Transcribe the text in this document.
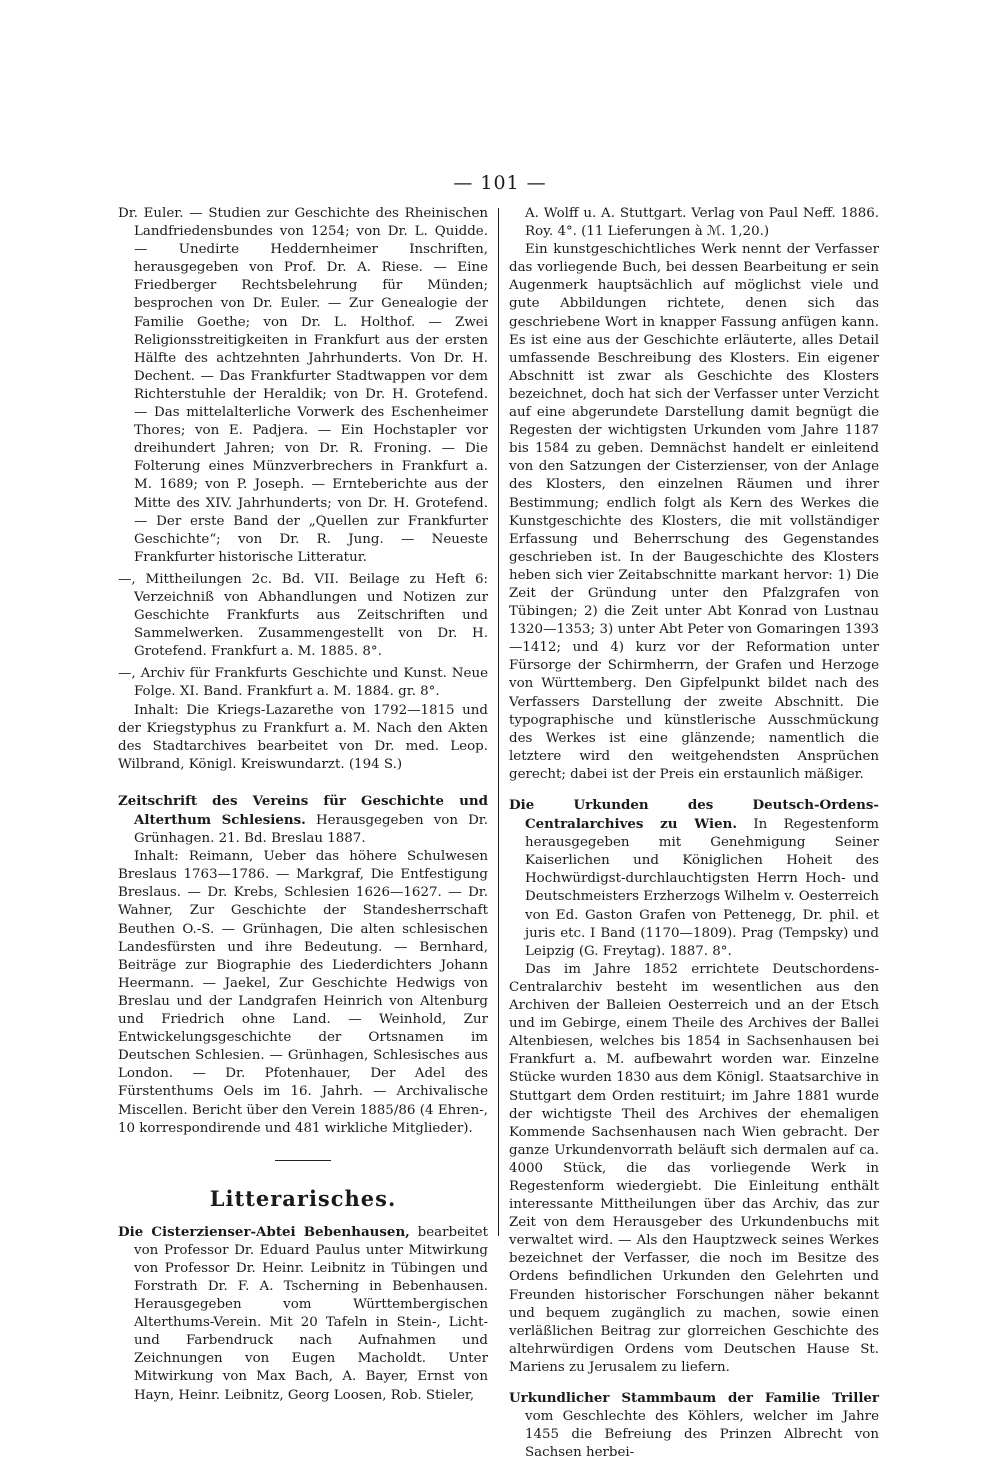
— 101 —

Dr. Euler. — Studien zur Geschichte des Rheinischen Landfriedensbundes von 1254; von Dr. L. Quidde. — Unedirte Heddernheimer Inschriften, herausgegeben von Prof. Dr. A. Riese. — Eine Friedberger Rechtsbelehrung für Münden; besprochen von Dr. Euler. — Zur Genealogie der Familie Goethe; von Dr. L. Holthof. — Zwei Religionsstreitigkeiten in Frankfurt aus der ersten Hälfte des achtzehnten Jahrhunderts. Von Dr. H. Dechent. — Das Frankfurter Stadtwappen vor dem Richterstuhle der Heraldik; von Dr. H. Grotefend. — Das mittelalterliche Vorwerk des Eschenheimer Thores; von E. Padjera. — Ein Hochstapler vor dreihundert Jahren; von Dr. R. Froning. — Die Folterung eines Münzverbrechers in Frankfurt a. M. 1689; von P. Joseph. — Ernteberichte aus der Mitte des XIV. Jahrhunderts; von Dr. H. Grotefend. — Der erste Band der „Quellen zur Frankfurter Geschichte“; von Dr. R. Jung. — Neueste Frankfurter historische Litteratur.

—, Mittheilungen 2c. Bd. VII. Beilage zu Heft 6: Verzeichniß von Abhandlungen und Notizen zur Geschichte Frankfurts aus Zeitschriften und Sammelwerken. Zusammengestellt von Dr. H. Grotefend. Frankfurt a. M. 1885. 8°.

—, Archiv für Frankfurts Geschichte und Kunst. Neue Folge. XI. Band. Frankfurt a. M. 1884. gr. 8°.

Inhalt: Die Kriegs-Lazarethe von 1792—1815 und der Kriegstyphus zu Frankfurt a. M. Nach den Akten des Stadtarchives bearbeitet von Dr. med. Leop. Wilbrand, Königl. Kreiswundarzt. (194 S.)

Zeitschrift des Vereins für Geschichte und Alterthum Schlesiens. Herausgegeben von Dr. Grünhagen. 21. Bd. Breslau 1887.

Inhalt: Reimann, Ueber das höhere Schulwesen Breslaus 1763—1786. — Markgraf, Die Entfestigung Breslaus. — Dr. Krebs, Schlesien 1626—1627. — Dr. Wahner, Zur Geschichte der Standesherrschaft Beuthen O.-S. — Grünhagen, Die alten schlesischen Landesfürsten und ihre Bedeutung. — Bernhard, Beiträge zur Biographie des Liederdichters Johann Heermann. — Jaekel, Zur Geschichte Hedwigs von Breslau und der Landgrafen Heinrich von Altenburg und Friedrich ohne Land. — Weinhold, Zur Entwickelungsgeschichte der Ortsnamen im Deutschen Schlesien. — Grünhagen, Schlesisches aus London. — Dr. Pfotenhauer, Der Adel des Fürstenthums Oels im 16. Jahrh. — Archivalische Miscellen. Bericht über den Verein 1885/86 (4 Ehren-, 10 korrespondirende und 481 wirkliche Mitglieder).

Litterarisches.

Die Cisterzienser-Abtei Bebenhausen, bearbeitet von Professor Dr. Eduard Paulus unter Mitwirkung von Professor Dr. Heinr. Leibnitz in Tübingen und Forstrath Dr. F. A. Tscherning in Bebenhausen. Herausgegeben vom Württembergischen Alterthums-Verein. Mit 20 Tafeln in Stein-, Licht- und Farbendruck nach Aufnahmen und Zeichnungen von Eugen Macholdt. Unter Mitwirkung von Max Bach, A. Bayer, Ernst von Hayn, Heinr. Leibnitz, Georg Loosen, Rob. Stieler,

A. Wolff u. A. Stuttgart. Verlag von Paul Neff. 1886. Roy. 4°. (11 Lieferungen à ℳ. 1,20.)

Ein kunstgeschichtliches Werk nennt der Verfasser das vorliegende Buch, bei dessen Bearbeitung er sein Augenmerk hauptsächlich auf möglichst viele und gute Abbildungen richtete, denen sich das geschriebene Wort in knapper Fassung anfügen kann. Es ist eine aus der Geschichte erläuterte, alles Detail umfassende Beschreibung des Klosters. Ein eigener Abschnitt ist zwar als Geschichte des Klosters bezeichnet, doch hat sich der Verfasser unter Verzicht auf eine abgerundete Darstellung damit begnügt die Regesten der wichtigsten Urkunden vom Jahre 1187 bis 1584 zu geben. Demnächst handelt er einleitend von den Satzungen der Cisterzienser, von der Anlage des Klosters, den einzelnen Räumen und ihrer Bestimmung; endlich folgt als Kern des Werkes die Kunstgeschichte des Klosters, die mit vollständiger Erfassung und Beherrschung des Gegenstandes geschrieben ist. In der Baugeschichte des Klosters heben sich vier Zeitabschnitte markant hervor: 1) Die Zeit der Gründung unter den Pfalzgrafen von Tübingen; 2) die Zeit unter Abt Konrad von Lustnau 1320—1353; 3) unter Abt Peter von Gomaringen 1393—1412; und 4) kurz vor der Reformation unter Fürsorge der Schirmherrn, der Grafen und Herzoge von Württemberg. Den Gipfelpunkt bildet nach des Verfassers Darstellung der zweite Abschnitt. Die typographische und künstlerische Ausschmückung des Werkes ist eine glänzende; namentlich die letztere wird den weitgehendsten Ansprüchen gerecht; dabei ist der Preis ein erstaunlich mäßiger.

Die Urkunden des Deutsch-Ordens-Centralarchives zu Wien. In Regestenform herausgegeben mit Genehmigung Seiner Kaiserlichen und Königlichen Hoheit des Hochwürdigst-durchlauchtigsten Herrn Hoch- und Deutschmeisters Erzherzogs Wilhelm v. Oesterreich von Ed. Gaston Grafen von Pettenegg, Dr. phil. et juris etc. I Band (1170—1809). Prag (Tempsky) und Leipzig (G. Freytag). 1887. 8°.

Das im Jahre 1852 errichtete Deutschordens-Centralarchiv besteht im wesentlichen aus den Archiven der Balleien Oesterreich und an der Etsch und im Gebirge, einem Theile des Archives der Ballei Altenbiesen, welches bis 1854 in Sachsenhausen bei Frankfurt a. M. aufbewahrt worden war. Einzelne Stücke wurden 1830 aus dem Königl. Staatsarchive in Stuttgart dem Orden restituirt; im Jahre 1881 wurde der wichtigste Theil des Archives der ehemaligen Kommende Sachsenhausen nach Wien gebracht. Der ganze Urkundenvorrath beläuft sich dermalen auf ca. 4000 Stück, die das vorliegende Werk in Regestenform wiedergiebt. Die Einleitung enthält interessante Mittheilungen über das Archiv, das zur Zeit von dem Herausgeber des Urkundenbuchs mit verwaltet wird. — Als den Hauptzweck seines Werkes bezeichnet der Verfasser, die noch im Besitze des Ordens befindlichen Urkunden den Gelehrten und Freunden historischer Forschungen näher bekannt und bequem zugänglich zu machen, sowie einen verläßlichen Beitrag zur glorreichen Geschichte des altehrwürdigen Ordens vom Deutschen Hause St. Mariens zu Jerusalem zu liefern.

Urkundlicher Stammbaum der Familie Triller vom Geschlechte des Köhlers, welcher im Jahre 1455 die Befreiung des Prinzen Albrecht von Sachsen herbei-
